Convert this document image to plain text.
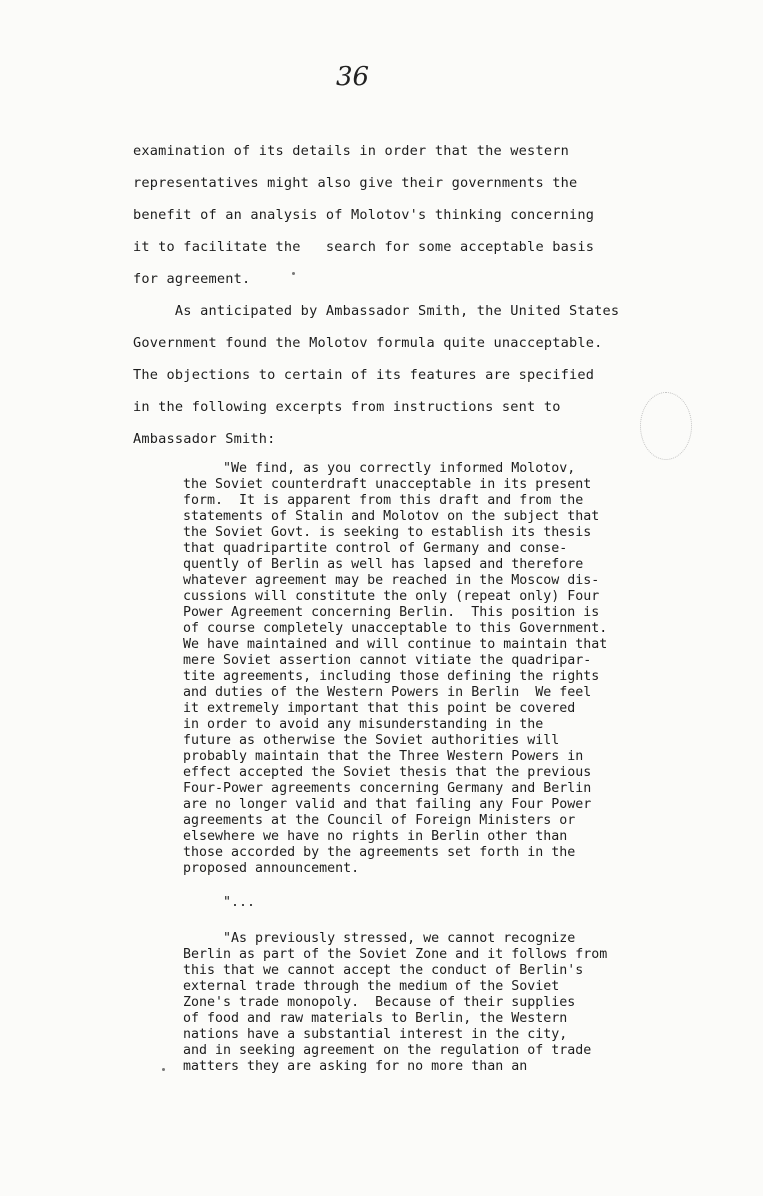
36
examination of its details in order that the western
representatives might also give their governments the
benefit of an analysis of Molotov's thinking concerning
it to facilitate the   search for some acceptable basis
for agreement.
As anticipated by Ambassador Smith, the United States
Government found the Molotov formula quite unacceptable.
The objections to certain of its features are specified
in the following excerpts from instructions sent to
Ambassador Smith:
"We find, as you correctly informed Molotov,
the Soviet counterdraft unacceptable in its present
form.  It is apparent from this draft and from the
statements of Stalin and Molotov on the subject that
the Soviet Govt. is seeking to establish its thesis
that quadripartite control of Germany and conse-
quently of Berlin as well has lapsed and therefore
whatever agreement may be reached in the Moscow dis-
cussions will constitute the only (repeat only) Four
Power Agreement concerning Berlin.  This position is
of course completely unacceptable to this Government.
We have maintained and will continue to maintain that
mere Soviet assertion cannot vitiate the quadripar-
tite agreements, including those defining the rights
and duties of the Western Powers in Berlin  We feel
it extremely important that this point be covered
in order to avoid any misunderstanding in the
future as otherwise the Soviet authorities will
probably maintain that the Three Western Powers in
effect accepted the Soviet thesis that the previous
Four-Power agreements concerning Germany and Berlin
are no longer valid and that failing any Four Power
agreements at the Council of Foreign Ministers or
elsewhere we have no rights in Berlin other than
those accorded by the agreements set forth in the
proposed announcement.
"...
"As previously stressed, we cannot recognize
Berlin as part of the Soviet Zone and it follows from
this that we cannot accept the conduct of Berlin's
external trade through the medium of the Soviet
Zone's trade monopoly.  Because of their supplies
of food and raw materials to Berlin, the Western
nations have a substantial interest in the city,
and in seeking agreement on the regulation of trade
matters they are asking for no more than an
